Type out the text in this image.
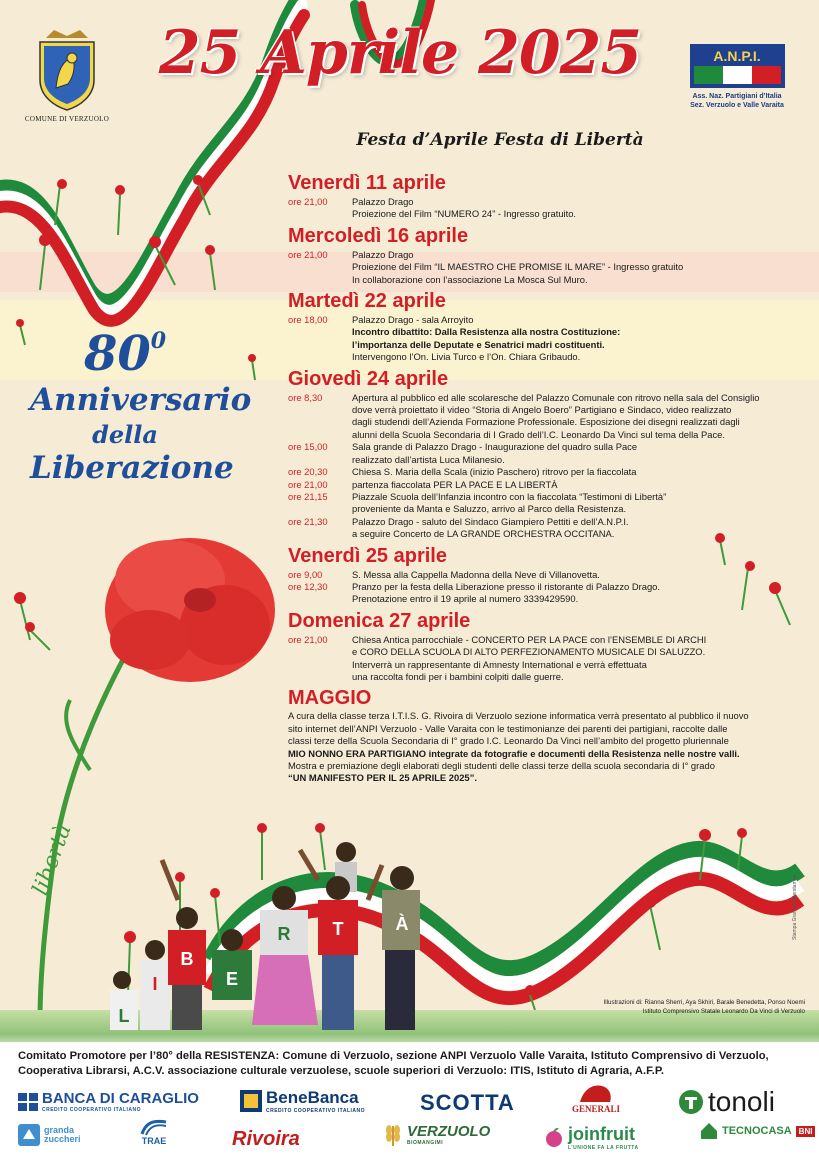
COMUNE DI VERZUOLO
25 Aprile 2025
Festa d’Aprile Festa di Libertà
A.N.P.I.
Ass. Naz. Partigiani d’Italia
Sez. Verzuolo e Valle Varaita
$80^0$
Anniversario
della
Liberazione
Venerdì 11 aprile
ore 21,00	Palazzo Drago
Proiezione del Film “NUMERO 24” - Ingresso gratuito.
Mercoledì 16 aprile
ore 21,00	Palazzo Drago
Proiezione del Film “IL MAESTRO CHE PROMISE IL MARE” - Ingresso gratuito
In collaborazione con l’associazione La Mosca Sul Muro.
Martedì 22 aprile
ore 18,00	Palazzo Drago - sala Arroyito
Incontro dibattito: Dalla Resistenza alla nostra Costituzione:
l’importanza delle Deputate e Senatrici madri costituenti.
Intervengono l’On. Livia Turco e l’On. Chiara Gribaudo.
Giovedì 24 aprile
ore 8,30	Apertura al pubblico ed alle scolaresche del Palazzo Comunale con ritrovo nella sala del Consiglio
dove verrà proiettato il video “Storia di Angelo Boero” Partigiano e Sindaco, video realizzato
dagli studendi dell’Azienda Formazione Professionale. Esposizione dei disegni realizzati dagli
alunni della Scuola Secondaria di I Grado dell’I.C. Leonardo Da Vinci sul tema della Pace.
ore 15,00	Sala grande di Palazzo Drago - Inaugurazione del quadro sulla Pace
realizzato dall’artista Luca Milanesio.
ore 20,30	Chiesa S. Maria della Scala (inizio Paschero) ritrovo per la fiaccolata
ore 21,00	partenza fiaccolata PER LA PACE E LA LIBERTÀ
ore 21,15	Piazzale Scuola dell’Infanzia incontro con la fiaccolata “Testimoni di Libertà”
proveniente da Manta e Saluzzo, arrivo al Parco della Resistenza.
ore 21,30	Palazzo Drago - saluto del Sindaco Giampiero Pettiti e dell’A.N.P.I.
a seguire Concerto de LA GRANDE ORCHESTRA OCCITANA.
Venerdì 25 aprile
ore 9,00	S. Messa alla Cappella Madonna della Neve di Villanovetta.
ore 12,30	Pranzo per la festa della Liberazione presso il ristorante di Palazzo Drago.
Prenotazione entro il 19 aprile al numero 3339429590.
Domenica 27 aprile
ore 21,00	Chiesa Antica parrocchiale - CONCERTO PER LA PACE con l’ENSEMBLE DI ARCHI
e CORO DELLA SCUOLA DI ALTO PERFEZIONAMENTO MUSICALE DI SALUZZO.
Interverrà un rappresentante di Amnesty International e verrà effettuata
una raccolta fondi per i bambini colpiti dalle guerre.
MAGGIO
A cura della classe terza I.T.I.S. G. Rivoira di Verzuolo sezione informatica verrà presentato al pubblico il nuovo
sito internet dell’ANPI Verzuolo - Valle Varaita con le testimonianze dei parenti dei partigiani, raccolte dalle
classi terze della Scuola Secondaria di I° grado I.C. Leonardo Da Vinci nell’ambito del progetto pluriennale
MIO NONNO ERA PARTIGIANO integrate da fotografie e documenti della Resistenza nelle nostre valli.
Mostra e premiazione degli elaborati degli studenti delle classi terze della scuola secondaria di I° grado
“UN MANIFESTO PER IL 25 APRILE 2025”.
L
I
B
E
R T	À
libertà
Illustrazioni di: Rianna Sherri, Aya Skhiri, Barale Benedetta, Ponso Noemi
Istituto Comprensivo Statale Leonardo Da Vinci di Verzuolo
Stampa Grafiche Alterstampa
Comitato Promotore per l’80° della RESISTENZA: Comune di Verzuolo, sezione ANPI Verzuolo Valle Varaita, Istituto Comprensivo di Verzuolo, Cooperativa Librarsi, A.C.V. associazione culturale verzuolese, scuole superiori di Verzuolo: ITIS, Istituto di Agraria, A.F.P.
BANCA DI CARAGLIO
CREDITO COOPERATIVO ITALIANO
BeneBanca
CREDITO COOPERATIVO ITALIANO SCOTTA	GENERALI	tonoli
granda zuccheri	TRAE	Rivoira	VERZUOLO
BIOMANGIMI	joinfruit
L’UNIONE FA LA FRUTTA
TECNOCASA BNI
